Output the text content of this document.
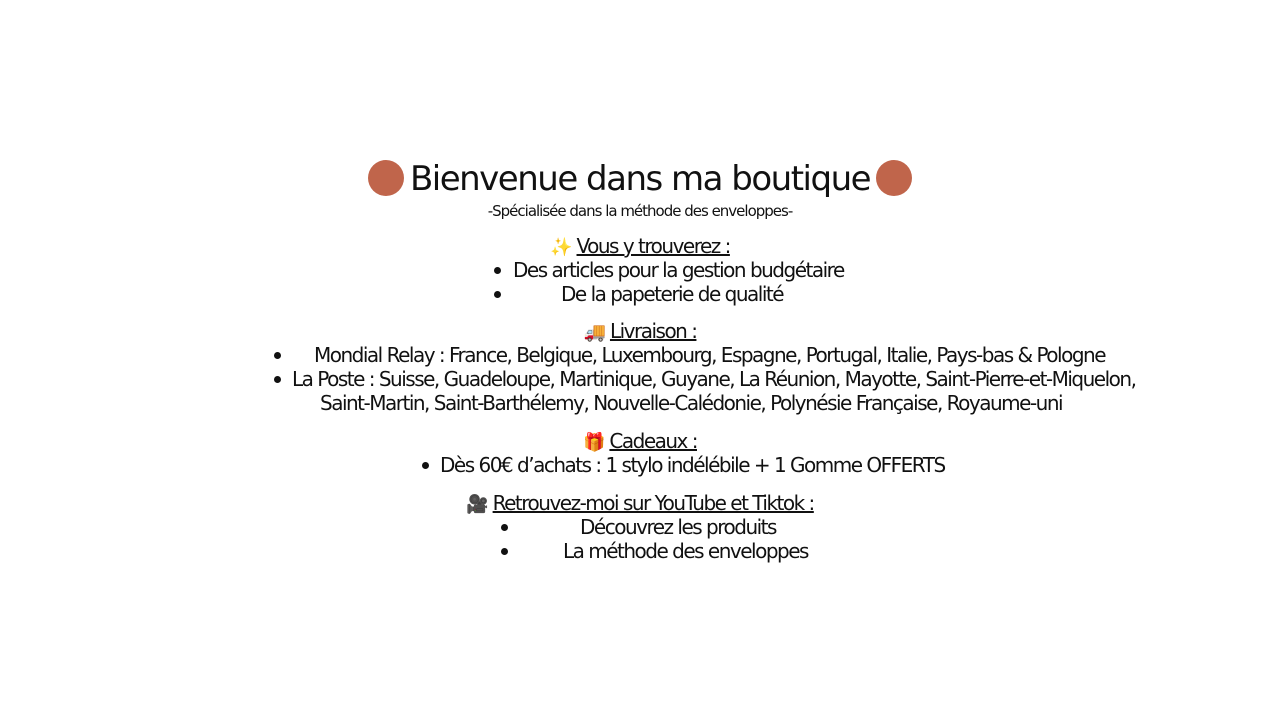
Bienvenue dans ma boutique
-Spécialisée dans la méthode des enveloppes-
✨ Vous y trouverez :
Des articles pour la gestion budgétaire
De la papeterie de qualité
🚚 Livraison :
Mondial Relay : France, Belgique, Luxembourg, Espagne, Portugal, Italie, Pays-bas & Pologne
La Poste : Suisse, Guadeloupe, Martinique, Guyane, La Réunion, Mayotte, Saint-Pierre-et-Miquelon,
Saint-Martin, Saint-Barthélemy, Nouvelle-Calédonie, Polynésie Française, Royaume-uni
🎁 Cadeaux :
Dès 60€ d’achats : 1 stylo indélébile + 1 Gomme OFFERTS
🎥 Retrouvez-moi sur YouTube et Tiktok :
Découvrez les produits
La méthode des enveloppes
